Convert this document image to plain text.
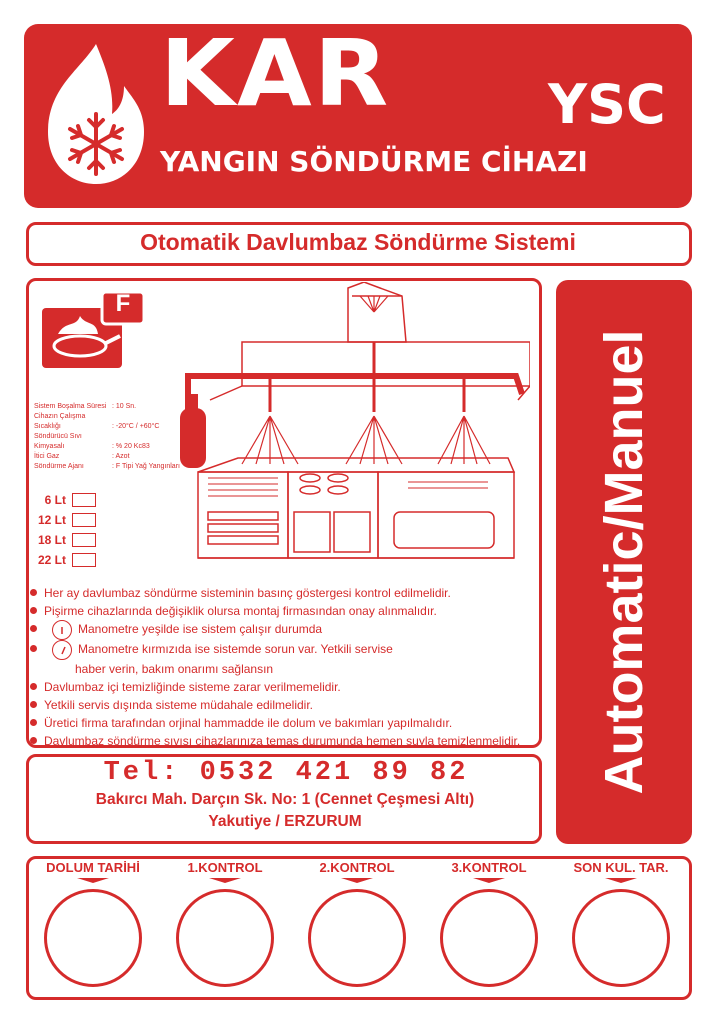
KAR	YSC
YANGIN SÖNDÜRME CİHAZI
Otomatik Davlumbaz Söndürme Sistemi
F
Sistem Boşalma Süresi : 10 Sn.
Cihazın Çalışma Sıcaklığı	: -20°C / +60°C
Söndürücü Sıvı Kimyasalı	: % 20 Kc83
İtici Gaz	: Azot
Söndürme Ajanı	: F Tipi Yağ Yangınları
6 Lt
12 Lt
18 Lt
22 Lt
Her ay davlumbaz söndürme sisteminin basınç göstergesi kontrol edilmelidir.
Pişirme cihazlarında değişiklik olursa montaj firmasından onay alınmalıdır.
Manometre yeşilde ise sistem çalışır durumda
Manometre kırmızıda ise sistemde sorun var. Yetkili servise
haber verin, bakım onarımı sağlansın
Davlumbaz içi temizliğinde sisteme zarar verilmemelidir.
Yetkili servis dışında sisteme müdahale edilmelidir.
Üretici firma tarafından orjinal hammadde ile dolum ve bakımları yapılmalıdır.
Davlumbaz söndürme sıvısı cihazlarınıza temas durumunda hemen suyla temizlenmelidir. Automatic/Manuel
Tel: 0532 421 89 82
Bakırcı Mah. Darçın Sk. No: 1 (Cennet Çeşmesi Altı)
Yakutiye / ERZURUM
DOLUM TARİHİ	1.KONTROL	2.KONTROL	3.KONTROL	SON KUL. TAR.
